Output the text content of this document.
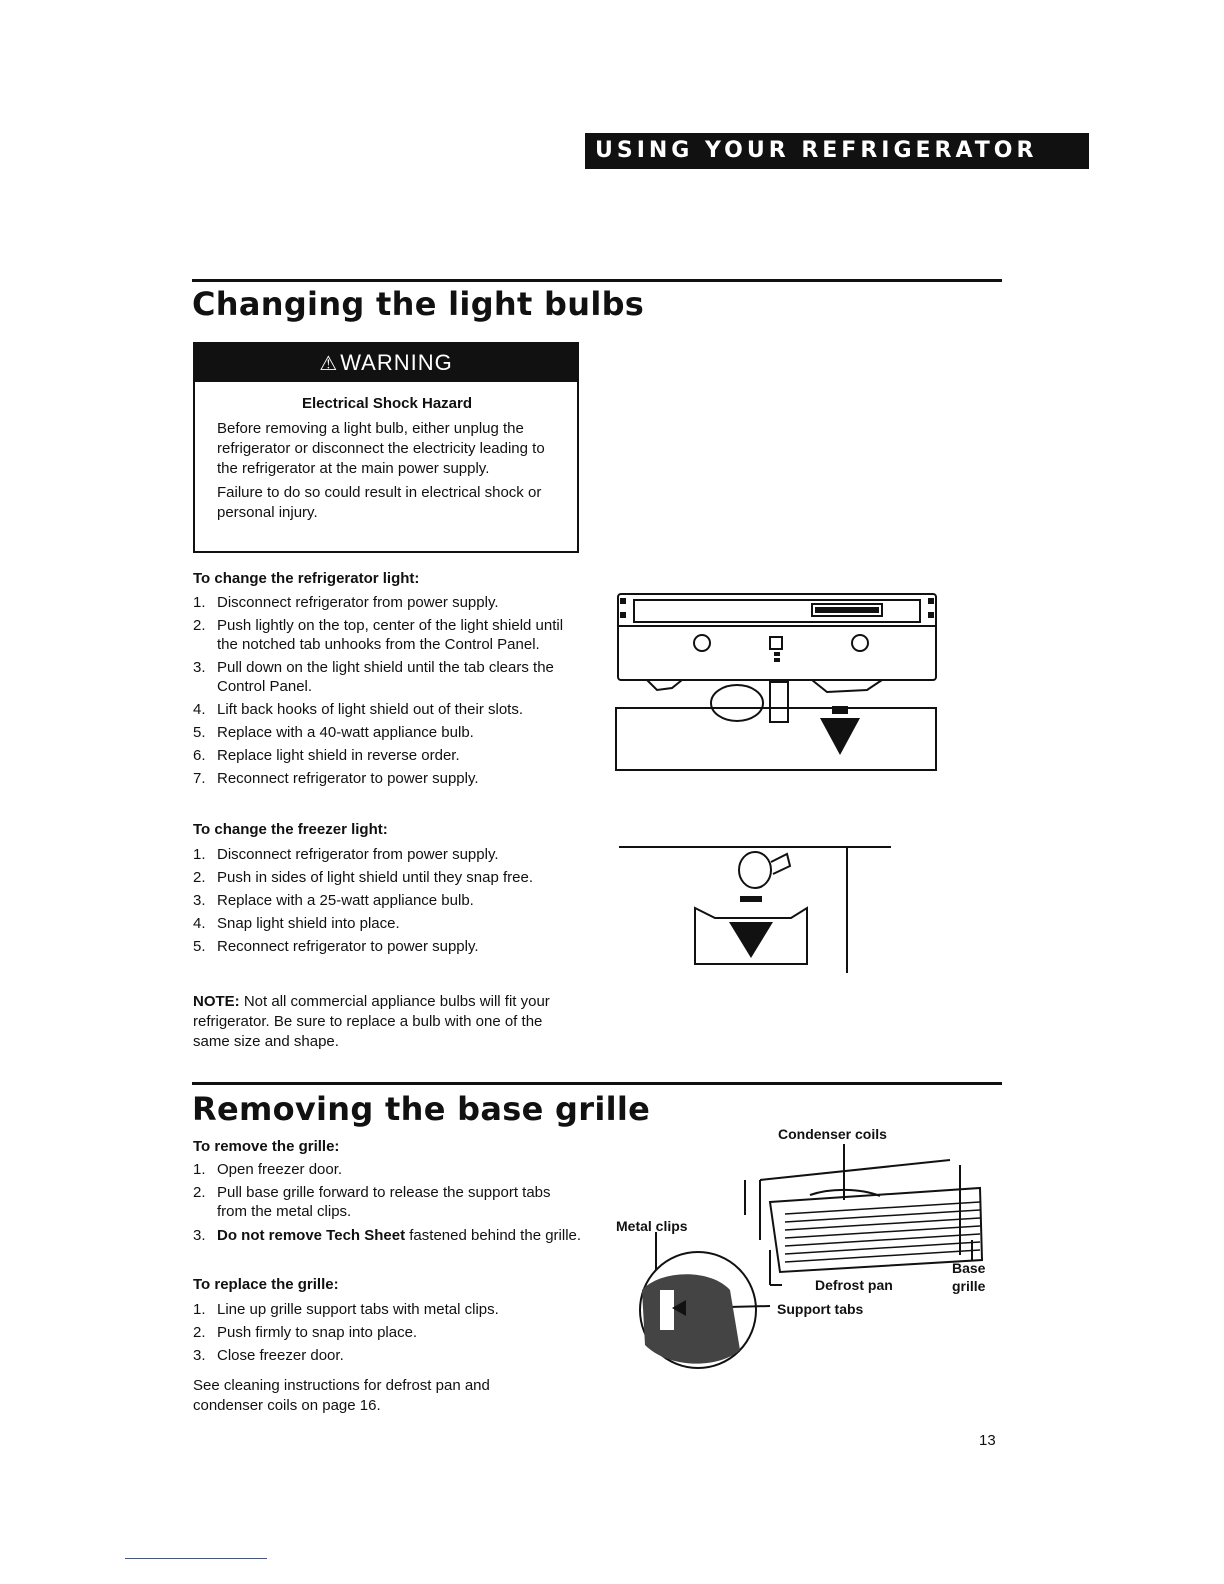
USING YOUR REFRIGERATOR
Changing the light bulbs
⚠WARNING
Electrical Shock Hazard

Before removing a light bulb, either unplug the refrigerator or disconnect the electricity leading to the refrigerator at the main power supply.

Failure to do so could result in electrical shock or personal injury.

To change the refrigerator light:
1. Disconnect refrigerator from power supply.
2. Push lightly on the top, center of the light shield until the notched tab unhooks from the Control Panel.
3. Pull down on the light shield until the tab clears the Control Panel.
4. Lift back hooks of light shield out of their slots.
5. Replace with a 40-watt appliance bulb.
6. Replace light shield in reverse order.
7. Reconnect refrigerator to power supply.
To change the freezer light:
1. Disconnect refrigerator from power supply.
2. Push in sides of light shield until they snap free.
3. Replace with a 25-watt appliance bulb.
4. Snap light shield into place.
5. Reconnect refrigerator to power supply.
NOTE: Not all commercial appliance bulbs will fit your refrigerator. Be sure to replace a bulb with one of the same size and shape.
Removing the base grille
To remove the grille:
1. Open freezer door.
2. Pull base grille forward to release the support tabs from the metal clips.
3. Do not remove Tech Sheet fastened behind the grille.
To replace the grille:
1. Line up grille support tabs with metal clips.
2. Push firmly to snap into place.
3. Close freezer door.
See cleaning instructions for defrost pan and condenser coils on page 16.
Condenser coils
Metal clips
Defrost pan
Support tabs
Base
grille
13
